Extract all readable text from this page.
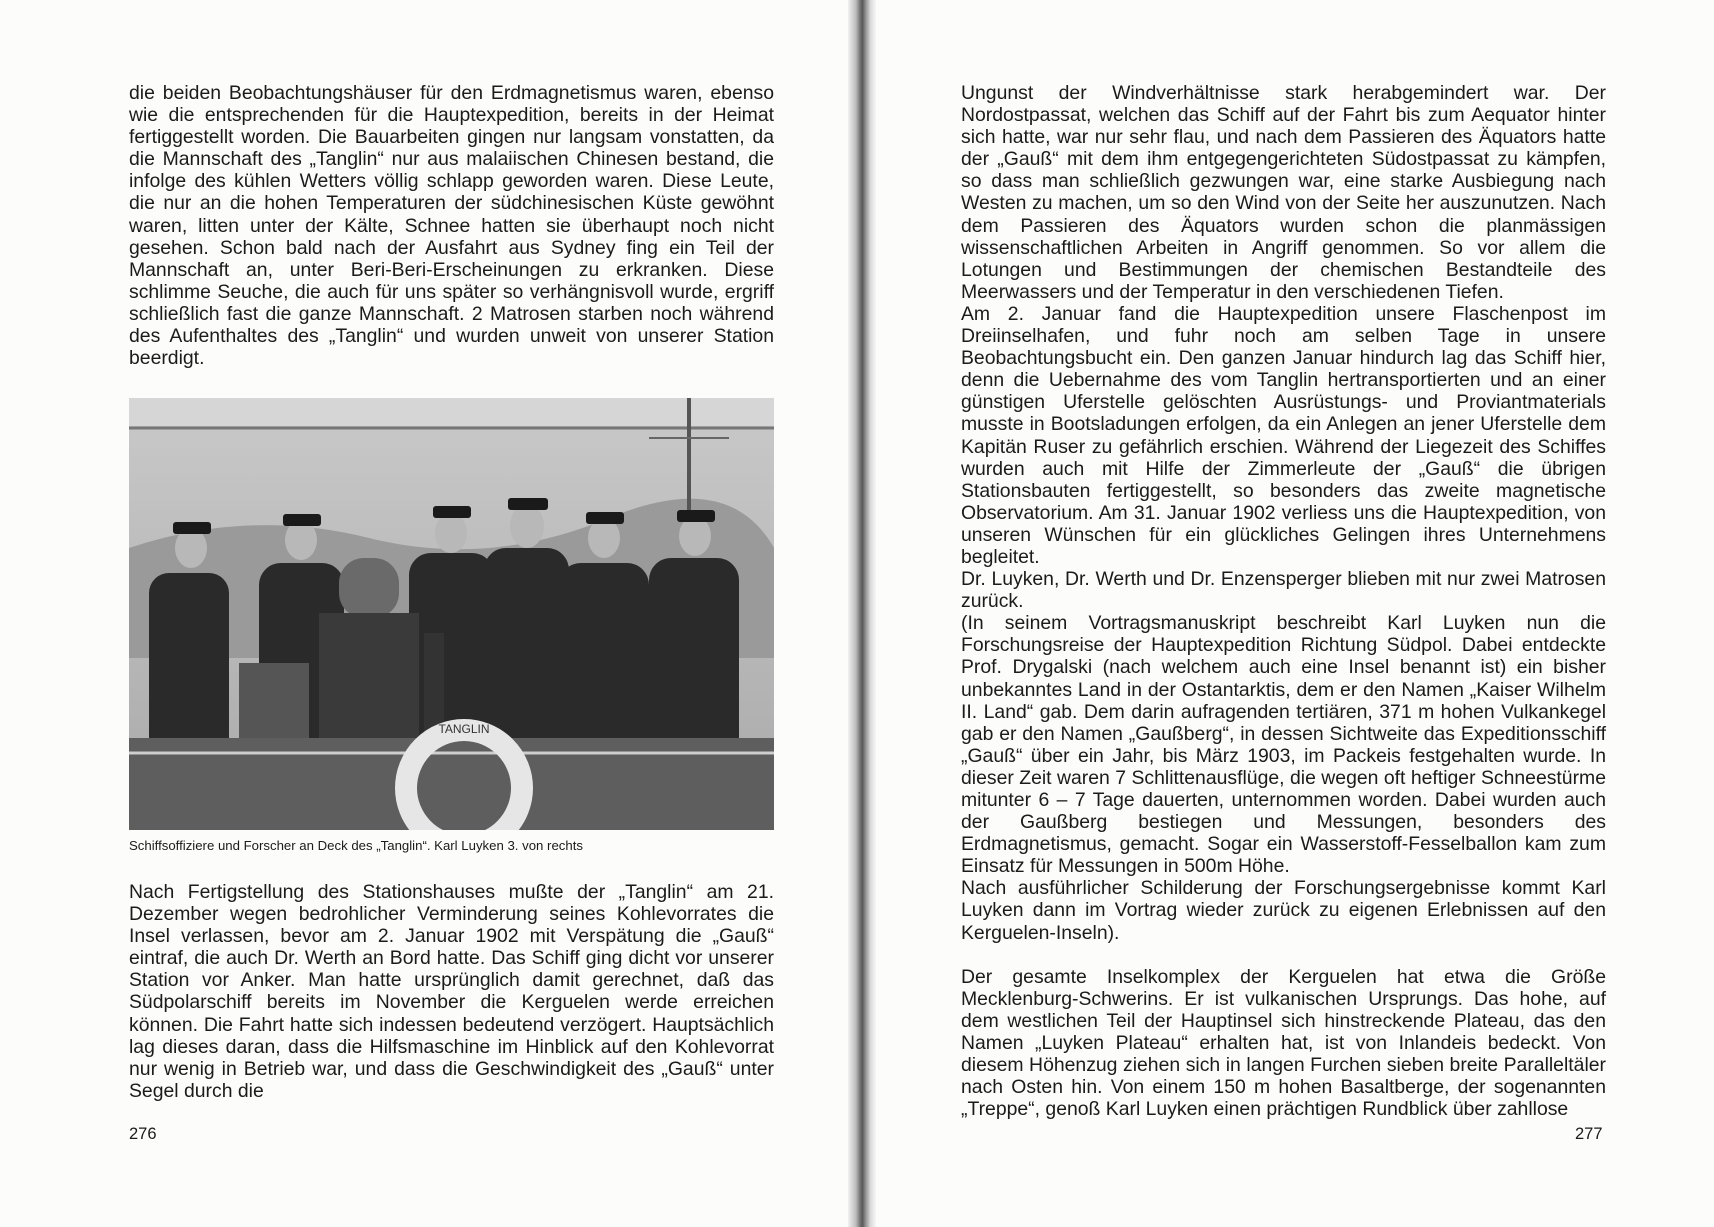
die beiden Beobachtungshäuser für den Erdmagnetismus waren, ebenso wie die entsprechenden für die Hauptexpedition, bereits in der Heimat fertiggestellt worden. Die Bauarbeiten gingen nur langsam vonstatten, da die Mannschaft des „Tanglin“ nur aus malaiischen Chinesen bestand, die infolge des kühlen Wetters völlig schlapp geworden waren. Diese Leute, die nur an die hohen Temperaturen der südchinesischen Küste gewöhnt waren, litten unter der Kälte, Schnee hatten sie überhaupt noch nicht gesehen. Schon bald nach der Ausfahrt aus Sydney fing ein Teil der Mannschaft an, unter Beri-Beri-Erscheinungen zu erkranken. Diese schlimme Seuche, die auch für uns später so verhängnisvoll wurde, ergriff schließlich fast die ganze Mannschaft. 2 Matrosen starben noch während des Aufenthaltes des „Tanglin“ und wurden unweit von unserer Station beerdigt.

TANGLIN
Schiffsoffiziere und Forscher an Deck des „Tanglin“. Karl Luyken 3. von rechts

Nach Fertigstellung des Stationshauses mußte der „Tanglin“ am 21. Dezember wegen bedrohlicher Verminderung seines Kohlevorrates die Insel verlassen, bevor am 2. Januar 1902 mit Verspätung die „Gauß“ eintraf, die auch Dr. Werth an Bord hatte. Das Schiff ging dicht vor unserer Station vor Anker. Man hatte ursprünglich damit gerechnet, daß das Südpolarschiff bereits im November die Kerguelen werde erreichen können. Die Fahrt hatte sich indessen bedeutend verzögert. Hauptsächlich lag dieses daran, dass die Hilfsmaschine im Hinblick auf den Kohlevorrat nur wenig in Betrieb war, und dass die Geschwindigkeit des „Gauß“ unter Segel durch die

276

Ungunst der Windverhältnisse stark herabgemindert war. Der Nordostpassat, welchen das Schiff auf der Fahrt bis zum Aequator hinter sich hatte, war nur sehr flau, und nach dem Passieren des Äquators hatte der „Gauß“ mit dem ihm entgegengerichteten Südostpassat zu kämpfen, so dass man schließlich gezwungen war, eine starke Ausbiegung nach Westen zu machen, um so den Wind von der Seite her auszunutzen. Nach dem Passieren des Äquators wurden schon die planmässigen wissenschaftlichen Arbeiten in Angriff genommen. So vor allem die Lotungen und Bestimmungen der chemischen Bestandteile des Meerwassers und der Temperatur in den verschiedenen Tiefen.

Am 2. Januar fand die Hauptexpedition unsere Flaschenpost im Dreiinselhafen, und fuhr noch am selben Tage in unsere Beobachtungsbucht ein. Den ganzen Januar hindurch lag das Schiff hier, denn die Uebernahme des vom Tanglin hertransportierten und an einer günstigen Uferstelle gelöschten Ausrüstungs- und Proviantmaterials musste in Bootsladungen erfolgen, da ein Anlegen an jener Uferstelle dem Kapitän Ruser zu gefährlich erschien. Während der Liegezeit des Schiffes wurden auch mit Hilfe der Zimmerleute der „Gauß“ die übrigen Stationsbauten fertiggestellt, so besonders das zweite magnetische Observatorium. Am 31. Januar 1902 verliess uns die Hauptexpedition, von unseren Wünschen für ein glückliches Gelingen ihres Unternehmens begleitet.

Dr. Luyken, Dr. Werth und Dr. Enzensperger blieben mit nur zwei Matrosen zurück.

(In seinem Vortragsmanuskript beschreibt Karl Luyken nun die Forschungsreise der Hauptexpedition Richtung Südpol. Dabei entdeckte Prof. Drygalski (nach welchem auch eine Insel benannt ist) ein bisher unbekanntes Land in der Ostantarktis, dem er den Namen „Kaiser Wilhelm II. Land“ gab. Dem darin aufragenden tertiären, 371 m hohen Vulkankegel gab er den Namen „Gaußberg“, in dessen Sichtweite das Expeditionsschiff „Gauß“ über ein Jahr, bis März 1903, im Packeis festgehalten wurde. In dieser Zeit waren 7 Schlittenausflüge, die wegen oft heftiger Schneestürme mitunter 6 – 7 Tage dauerten, unternommen worden. Dabei wurden auch der Gaußberg bestiegen und Messungen, besonders des Erdmagnetismus, gemacht. Sogar ein Wasserstoff-Fesselballon kam zum Einsatz für Messungen in 500m Höhe.

Nach ausführlicher Schilderung der Forschungsergebnisse kommt Karl Luyken dann im Vortrag wieder zurück zu eigenen Erlebnissen auf den Kerguelen-Inseln).

Der gesamte Inselkomplex der Kerguelen hat etwa die Größe Mecklenburg-Schwerins. Er ist vulkanischen Ursprungs. Das hohe, auf dem westlichen Teil der Hauptinsel sich hinstreckende Plateau, das den Namen „Luyken Plateau“ erhalten hat, ist von Inlandeis bedeckt. Von diesem Höhenzug ziehen sich in langen Furchen sieben breite Paralleltäler nach Osten hin. Von einem 150 m hohen Basaltberge, der sogenannten „Treppe“, genoß Karl Luyken einen prächtigen Rundblick über zahllose

277
